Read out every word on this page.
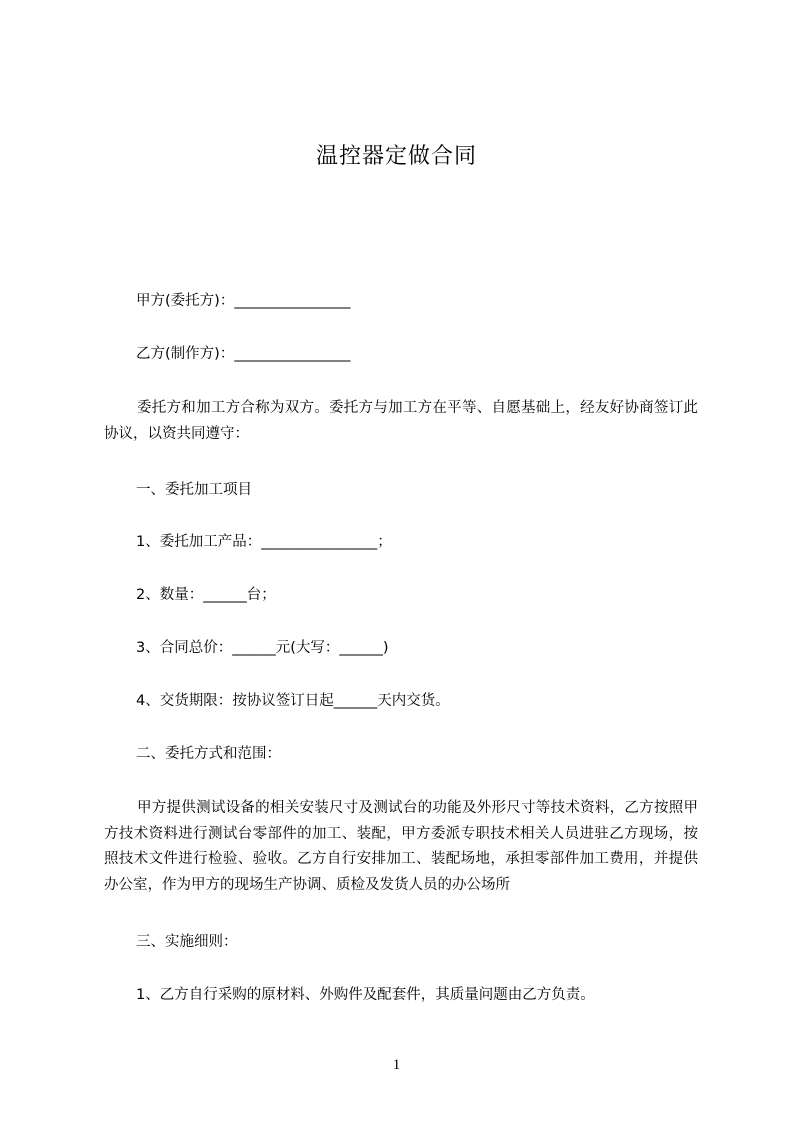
温控器定做合同
甲方(委托方)：________________
乙方(制作方)：________________
委托方和加工方合称为双方。委托方与加工方在平等、自愿基础上，经友好协商签订此协议，以资共同遵守：
一、委托加工项目
1、委托加工产品：________________；
2、数量：______台；
3、合同总价：______元(大写：______)
4、交货期限：按协议签订日起______天内交货。
二、委托方式和范围：
甲方提供测试设备的相关安装尺寸及测试台的功能及外形尺寸等技术资料，乙方按照甲方技术资料进行测试台零部件的加工、装配，甲方委派专职技术相关人员进驻乙方现场，按照技术文件进行检验、验收。乙方自行安排加工、装配场地，承担零部件加工费用，并提供办公室，作为甲方的现场生产协调、质检及发货人员的办公场所
三、实施细则：
1、乙方自行采购的原材料、外购件及配套件，其质量问题由乙方负责。
1
